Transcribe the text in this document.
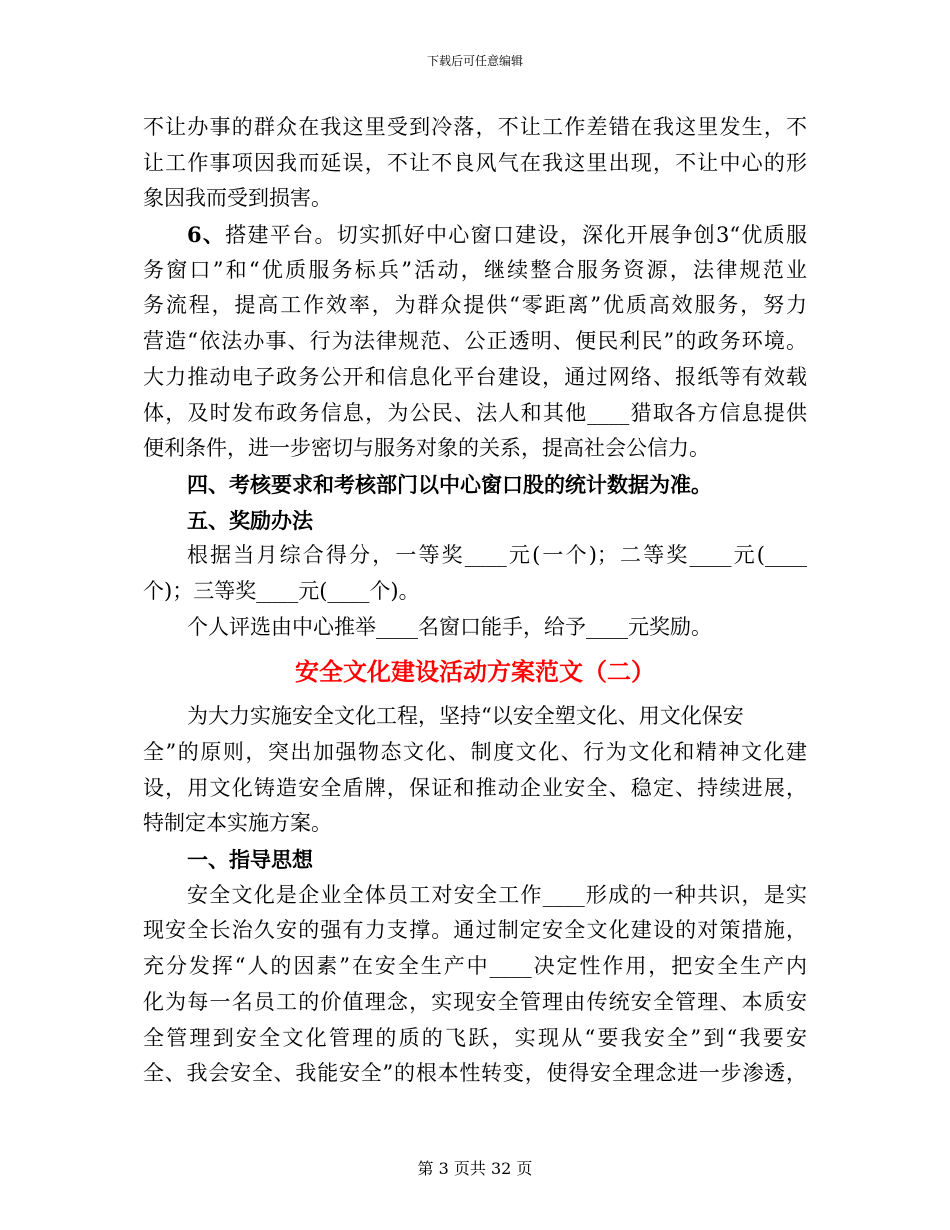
下载后可任意编辑
不让办事的群众在我这里受到冷落，不让工作差错在我这里发生，不
让工作事项因我而延误，不让不良风气在我这里出现，不让中心的形
象因我而受到损害。
6、搭建平台。切实抓好中心窗口建设，深化开展争创3“优质服
务窗口”和“优质服务标兵”活动，继续整合服务资源，法律规范业
务流程，提高工作效率，为群众提供“零距离”优质高效服务，努力
营造“依法办事、行为法律规范、公正透明、便民利民”的政务环境。
大力推动电子政务公开和信息化平台建设，通过网络、报纸等有效载
体，及时发布政务信息，为公民、法人和其他____猎取各方信息提供
便利条件，进一步密切与服务对象的关系，提高社会公信力。
四、考核要求和考核部门以中心窗口股的统计数据为准。
五、奖励办法
根据当月综合得分，一等奖____元(一个)；二等奖____元(____
个)；三等奖____元(____个)。
个人评选由中心推举____名窗口能手，给予____元奖励。
安全文化建设活动方案范文（二）
为大力实施安全文化工程，坚持“以安全塑文化、用文化保安
全”的原则，突出加强物态文化、制度文化、行为文化和精神文化建
设，用文化铸造安全盾牌，保证和推动企业安全、稳定、持续进展，
特制定本实施方案。
一、指导思想
安全文化是企业全体员工对安全工作____形成的一种共识，是实
现安全长治久安的强有力支撑。通过制定安全文化建设的对策措施，
充分发挥“人的因素”在安全生产中____决定性作用，把安全生产内
化为每一名员工的价值理念，实现安全管理由传统安全管理、本质安
全管理到安全文化管理的质的飞跃，实现从“要我安全”到“我要安
全、我会安全、我能安全”的根本性转变，使得安全理念进一步渗透，
第 3 页共 32 页
